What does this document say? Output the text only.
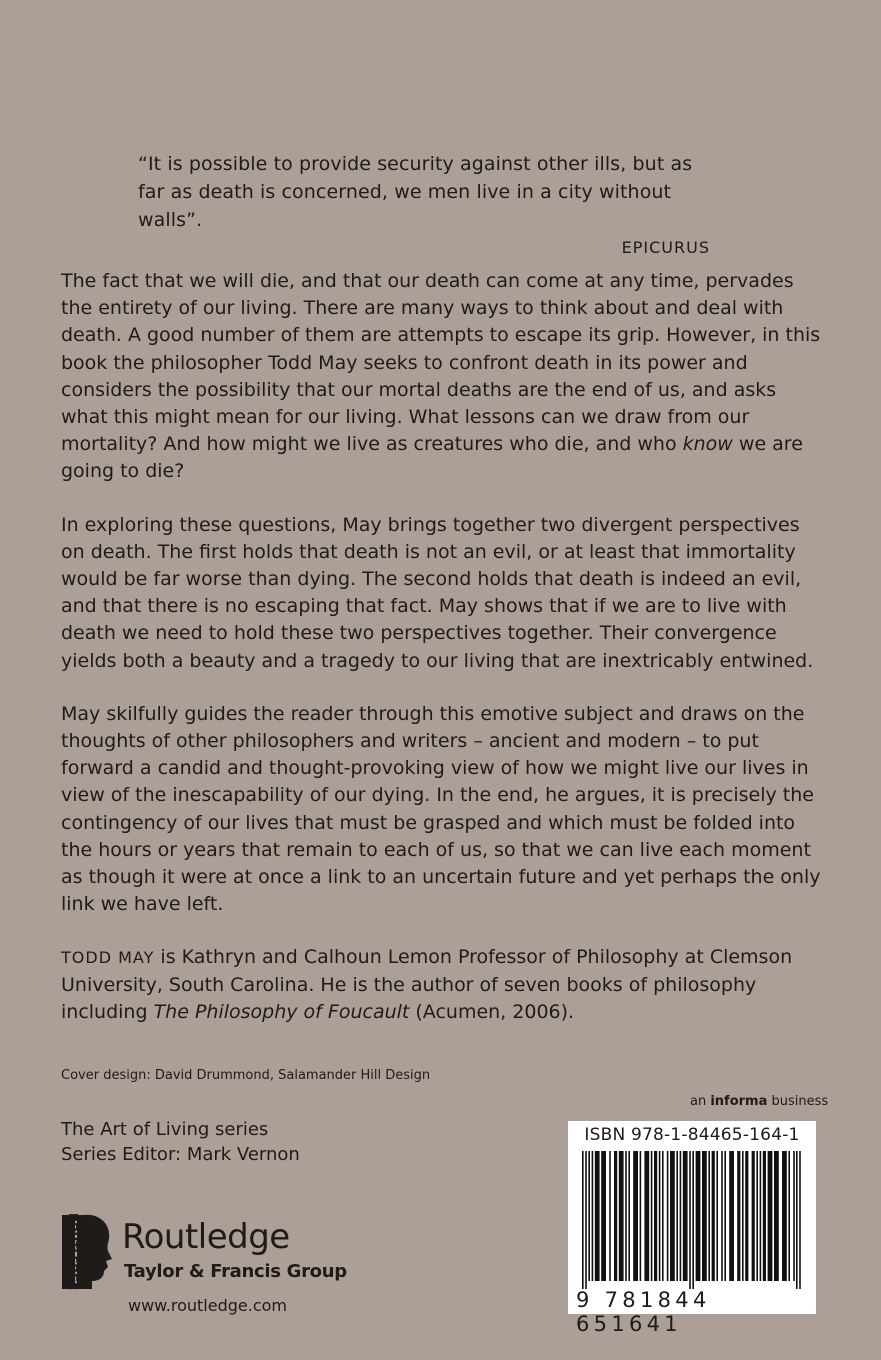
“It is possible to provide security against other ills, but as far as death is concerned, we men live in a city without walls”.

EPICURUS

The fact that we will die, and that our death can come at any time, pervades the entirety of our living. There are many ways to think about and deal with death. A good number of them are attempts to escape its grip. However, in this book the philosopher Todd May seeks to confront death in its power and considers the possibility that our mortal deaths are the end of us, and asks what this might mean for our living. What lessons can we draw from our mortality? And how might we live as creatures who die, and who know we are going to die?

In exploring these questions, May brings together two divergent perspectives on death. The first holds that death is not an evil, or at least that immortality would be far worse than dying. The second holds that death is indeed an evil, and that there is no escaping that fact. May shows that if we are to live with death we need to hold these two perspectives together. Their convergence yields both a beauty and a tragedy to our living that are inextricably entwined.

May skilfully guides the reader through this emotive subject and draws on the thoughts of other philosophers and writers – ancient and modern – to put forward a candid and thought-provoking view of how we might live our lives in view of the inescapability of our dying. In the end, he argues, it is precisely the contingency of our lives that must be grasped and which must be folded into the hours or years that remain to each of us, so that we can live each moment as though it were at once a link to an uncertain future and yet perhaps the only link we have left.

TODD MAY is Kathryn and Calhoun Lemon Professor of Philosophy at Clemson University, South Carolina. He is the author of seven books of philosophy including The Philosophy of Foucault (Acumen, 2006).

Cover design: David Drummond, Salamander Hill Design
The Art of Living series
Series Editor: Mark Vernon
an informa business
ROUTLEDGE Routledge
Taylor & Francis Group
www.routledge.com
ISBN 978-1-84465-164-1
9 781844 651641
